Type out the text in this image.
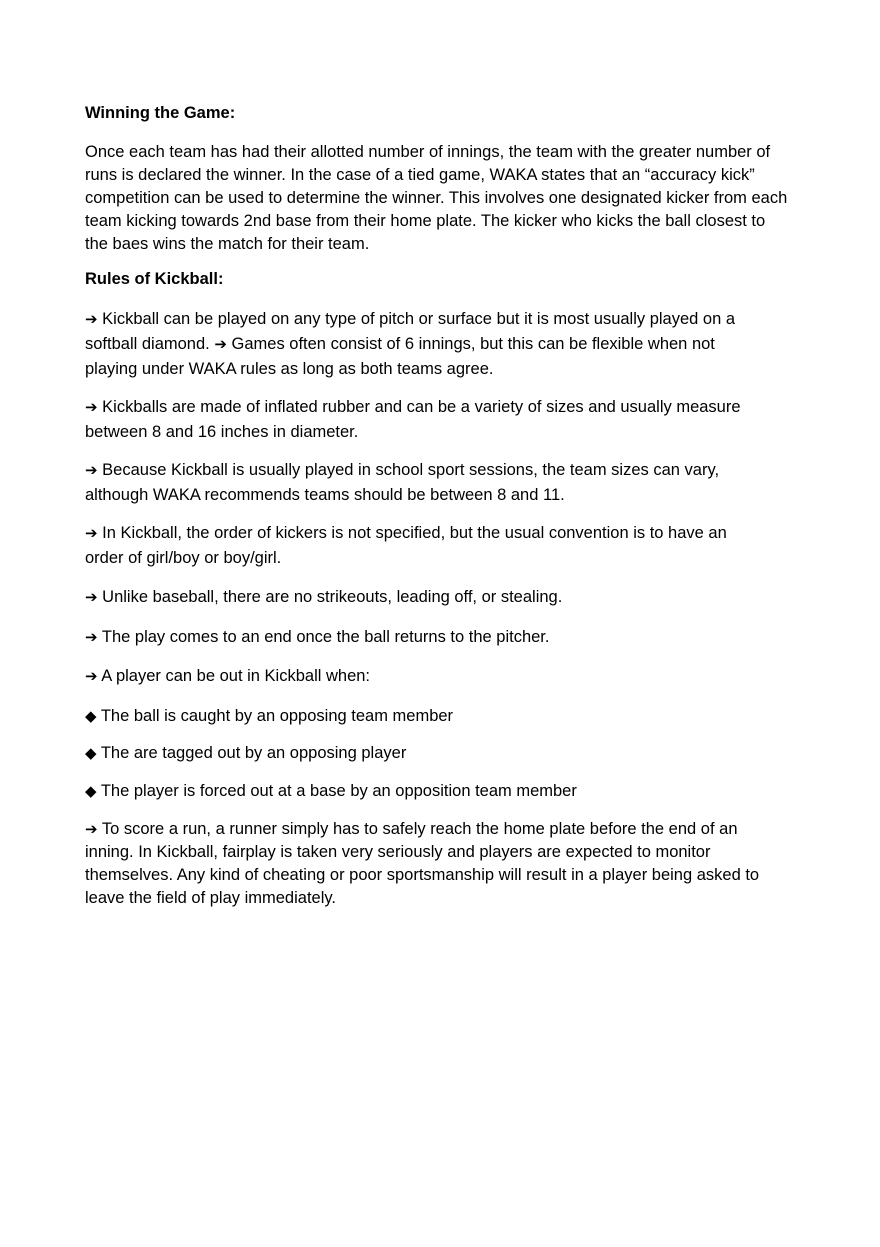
Winning the Game:

Once each team has had their allotted number of innings, the team with the greater number of runs is declared the winner. In the case of a tied game, WAKA states that an “accuracy kick” competition can be used to determine the winner. This involves one designated kicker from each team kicking towards 2nd base from their home plate. The kicker who kicks the ball closest to the baes wins the match for their team.

Rules of Kickball:
➔ Kickball can be played on any type of pitch or surface but it is most usually played on a
softball diamond. ➔ Games often consist of 6 innings, but this can be flexible when not
playing under WAKA rules as long as both teams agree.
➔ Kickballs are made of inflated rubber and can be a variety of sizes and usually measure
between 8 and 16 inches in diameter.
➔ Because Kickball is usually played in school sport sessions, the team sizes can vary,
although WAKA recommends teams should be between 8 and 11.
➔ In Kickball, the order of kickers is not specified, but the usual convention is to have an
order of girl/boy or boy/girl.
➔ Unlike baseball, there are no strikeouts, leading off, or stealing.
➔ The play comes to an end once the ball returns to the pitcher.
➔ A player can be out in Kickball when:
◆ The ball is caught by an opposing team member
◆ The are tagged out by an opposing player
◆ The player is forced out at a base by an opposition team member

➔ To score a run, a runner simply has to safely reach the home plate before the end of an inning. In Kickball, fairplay is taken very seriously and players are expected to monitor themselves. Any kind of cheating or poor sportsmanship will result in a player being asked to leave the field of play immediately.
